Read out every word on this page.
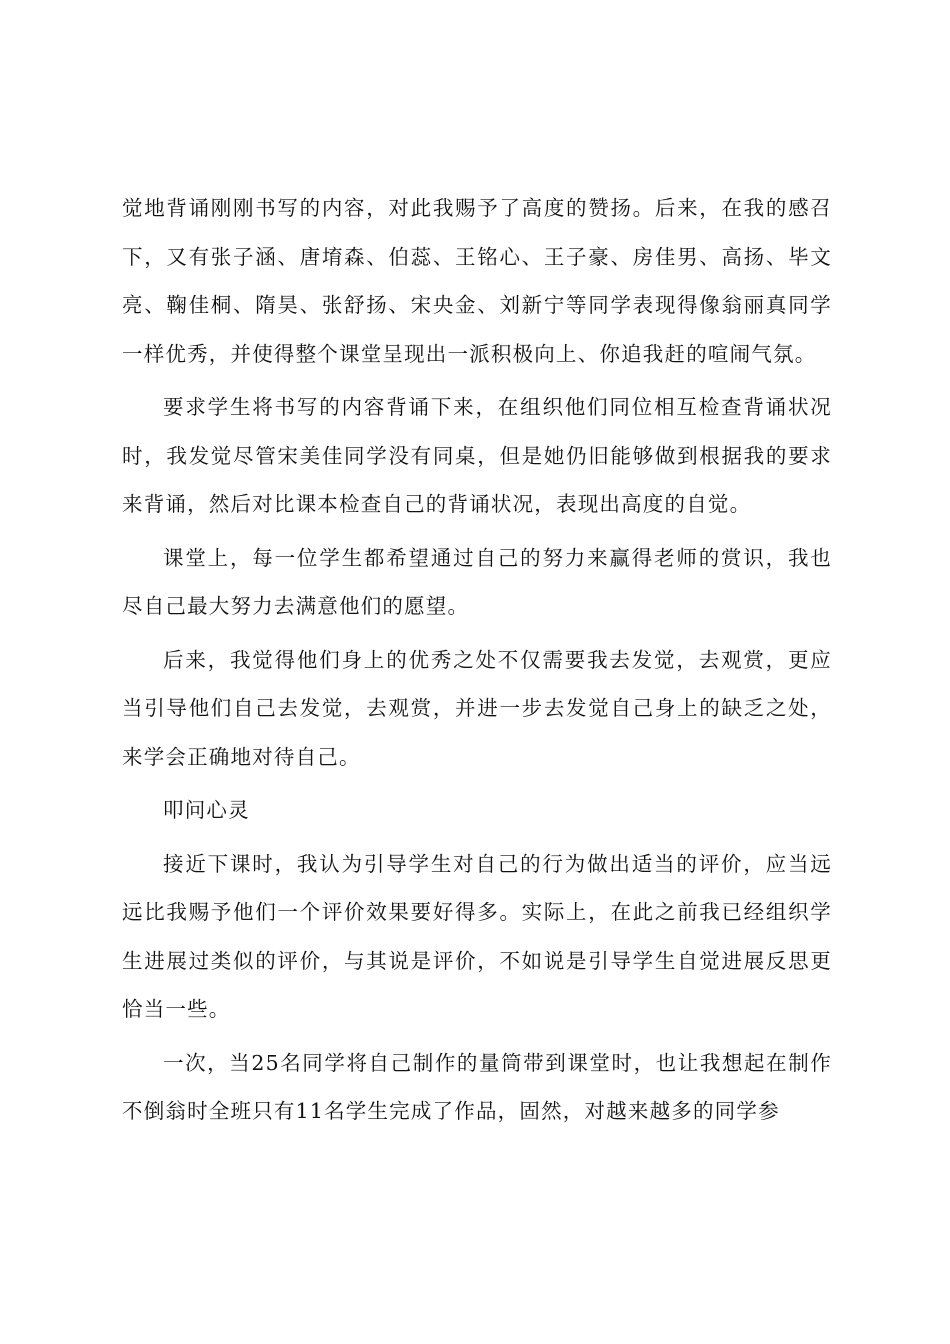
觉地背诵刚刚书写的内容，对此我赐予了高度的赞扬。后来，在我的感召下，又有张子涵、唐堉森、伯蕊、王铭心、王子豪、房佳男、高扬、毕文亮、鞠佳桐、隋昊、张舒扬、宋央金、刘新宁等同学表现得像翁丽真同学一样优秀，并使得整个课堂呈现出一派积极向上、你追我赶的喧闹气氛。

要求学生将书写的内容背诵下来，在组织他们同位相互检查背诵状况时，我发觉尽管宋美佳同学没有同桌，但是她仍旧能够做到根据我的要求来背诵，然后对比课本检查自己的背诵状况，表现出高度的自觉。

课堂上，每一位学生都希望通过自己的努力来赢得老师的赏识，我也尽自己最大努力去满意他们的愿望。

后来，我觉得他们身上的优秀之处不仅需要我去发觉，去观赏，更应当引导他们自己去发觉，去观赏，并进一步去发觉自己身上的缺乏之处，来学会正确地对待自己。

叩问心灵

接近下课时，我认为引导学生对自己的行为做出适当的评价，应当远远比我赐予他们一个评价效果要好得多。实际上，在此之前我已经组织学生进展过类似的评价，与其说是评价，不如说是引导学生自觉进展反思更恰当一些。

一次，当25名同学将自己制作的量筒带到课堂时，也让我想起在制作不倒翁时全班只有11名学生完成了作品，固然，对越来越多的同学参
